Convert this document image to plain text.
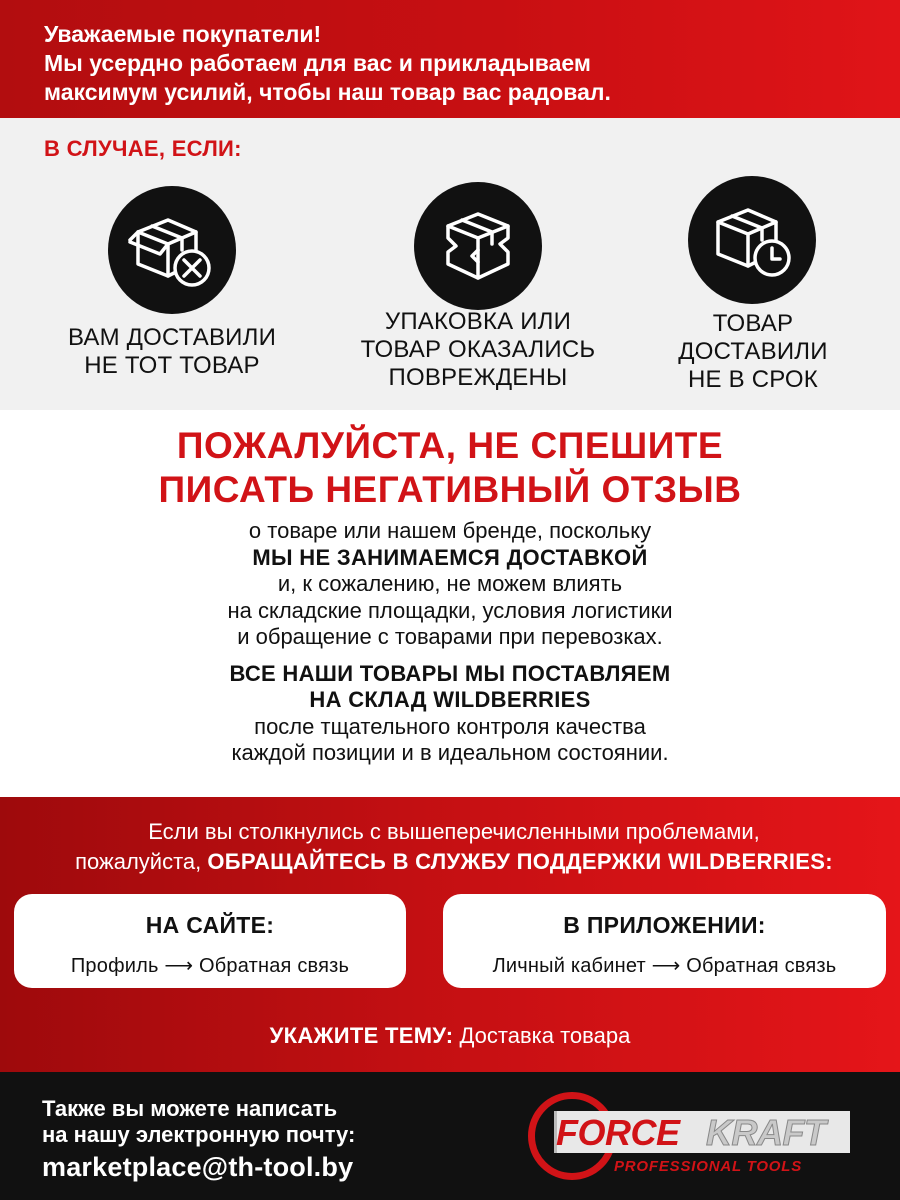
Уважаемые покупатели!

Мы усердно работаем для вас и прикладываем

максимум усилий, чтобы наш товар вас радовал.

В СЛУЧАЕ, ЕСЛИ:
ВАМ ДОСТАВИЛИ
НЕ ТОТ ТОВАР
УПАКОВКА ИЛИ
ТОВАР ОКАЗАЛИСЬ
ПОВРЕЖДЕНЫ
ТОВАР
ДОСТАВИЛИ
НЕ В СРОК
ПОЖАЛУЙСТА, НЕ СПЕШИТЕ
ПИСАТЬ НЕГАТИВНЫЙ ОТЗЫВ
о товаре или нашем бренде, поскольку
МЫ НЕ ЗАНИМАЕМСЯ ДОСТАВКОЙ
и, к сожалению, не можем влиять
на складские площадки, условия логистики
и обращение с товарами при перевозках.
ВСЕ НАШИ ТОВАРЫ МЫ ПОСТАВЛЯЕМ
НА СКЛАД WILDBERRIES
после тщательного контроля качества
каждой позиции и в идеальном состоянии.
Если вы столкнулись с вышеперечисленными проблемами,
пожалуйста, ОБРАЩАЙТЕСЬ В СЛУЖБУ ПОДДЕРЖКИ WILDBERRIES:
НА САЙТЕ:
Профиль ⟶ Обратная связь
В ПРИЛОЖЕНИИ:
Личный кабинет ⟶ Обратная связь
УКАЖИТЕ ТЕМУ: Доставка товара
Также вы можете написать
на нашу электронную почту:
marketplace@th-tool.by
FORCE KRAFT
PROFESSIONAL TOOLS
